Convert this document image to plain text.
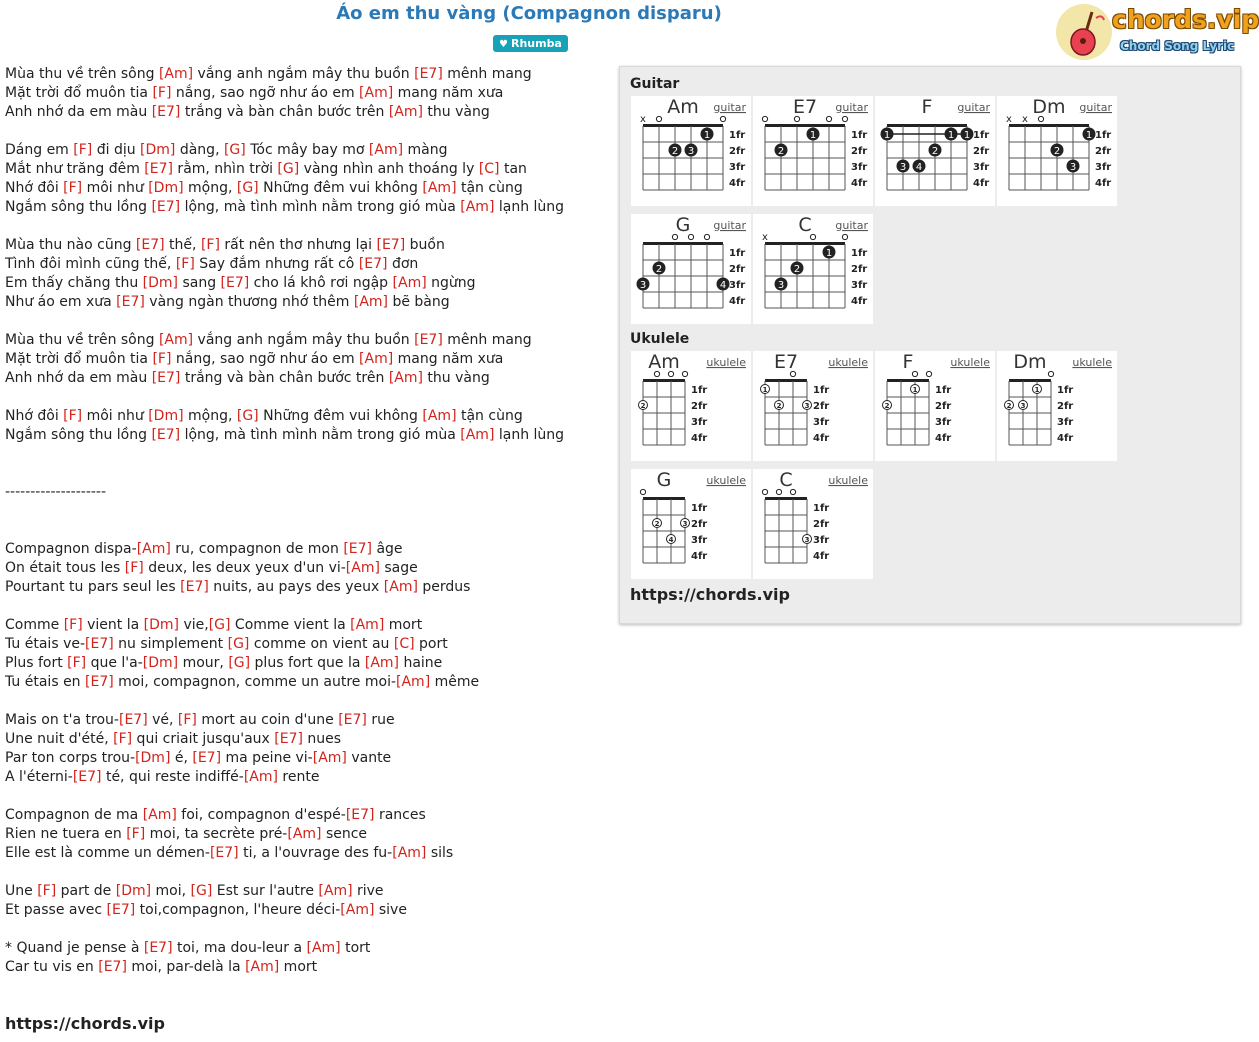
Áo em thu vàng (Compagnon disparu)
♥ Rhumba
chords.vip
Chord Song Lyric
Mùa thu về trên sông [Am] vắng anh ngắm mây thu buồn [E7] mênh mang
Mặt trời đổ muôn tia [F] nắng, sao ngỡ như áo em [Am] mang năm xưa
Anh nhớ da em màu [E7] trắng và bàn chân bước trên [Am] thu vàng
Dáng em [F] đi dịu [Dm] dàng, [G] Tóc mây bay mơ [Am] màng
Mắt như trăng đêm [E7] rằm, nhìn trời [G] vàng nhìn anh thoáng ly [C] tan
Nhớ đôi [F] môi như [Dm] mộng, [G] Những đêm vui không [Am] tận cùng
Ngắm sông thu lồng [E7] lộng, mà tình mình nằm trong gió mùa [Am] lạnh lùng
Mùa thu nào cũng [E7] thế, [F] rất nên thơ nhưng lại [E7] buồn
Tình đôi mình cũng thế, [F] Say đắm nhưng rất cô [E7] đơn
Em thấy chăng thu [Dm] sang [E7] cho lá khô rơi ngập [Am] ngừng
Như áo em xưa [E7] vàng ngàn thương nhớ thêm [Am] bẽ bàng
Mùa thu về trên sông [Am] vắng anh ngắm mây thu buồn [E7] mênh mang
Mặt trời đổ muôn tia [F] nắng, sao ngỡ như áo em [Am] mang năm xưa
Anh nhớ da em màu [E7] trắng và bàn chân bước trên [Am] thu vàng
Nhớ đôi [F] môi như [Dm] mộng, [G] Những đêm vui không [Am] tận cùng
Ngắm sông thu lồng [E7] lộng, mà tình mình nằm trong gió mùa [Am] lạnh lùng
--------------------
Compagnon dispa-[Am] ru, compagnon de mon [E7] âge
On était tous les [F] deux, les deux yeux d'un vi-[Am] sage
Pourtant tu pars seul les [E7] nuits, au pays des yeux [Am] perdus
Comme [F] vient la [Dm] vie,[G] Comme vient la [Am] mort
Tu étais ve-[E7] nu simplement [G] comme on vient au [C] port
Plus fort [F] que l'a-[Dm] mour, [G] plus fort que la [Am] haine
Tu étais en [E7] moi, compagnon, comme un autre moi-[Am] même
Mais on t'a trou-[E7] vé, [F] mort au coin d'une [E7] rue
Une nuit d'été, [F] qui criait jusqu'aux [E7] nues
Par ton corps trou-[Dm] é, [E7] ma peine vi-[Am] vante
A l'éterni-[E7] té, qui reste indiffé-[Am] rente
Compagnon de ma [Am] foi, compagnon d'espé-[E7] rances
Rien ne tuera en [F] moi, ta secrète pré-[Am] sence
Elle est là comme un démen-[E7] ti, a l'ouvrage des fu-[Am] sils
Une [F] part de [Dm] moi, [G] Est sur l'autre [Am] rive
Et passe avec [E7] toi,compagnon, l'heure déci-[Am] sive
* Quand je pense à [E7] toi, ma dou-leur a [Am] tort
Car tu vis en [E7] moi, par-delà la [Am] mort
https://chords.vip
Guitar
Am guitar
1fr
2fr
3fr
4fr
x
2 3
1
E7 guitar
1fr
2fr
3fr
4fr
2
1
F guitar
1fr
2fr
3fr
4fr
1
3 4
2
1 1
Dm guitar
1fr
2fr
3fr
4fr
x x
2
3
1
G guitar
1fr
2fr
3fr
4fr
3
2
4
C guitar
1fr
2fr
3fr
4fr
x
3
2
1
Ukulele
Am ukulele
1fr
2fr
3fr
4fr
2
E7	ukulele
1fr
2fr
3fr
4fr
1
2	3
F	ukulele
1fr
2fr
3fr
4fr
2
1
Dm ukulele
1fr
2fr
3fr
4fr
2 3
1
G	ukulele
1fr
2fr
3fr
4fr
2
4
3
C	ukulele
1fr
2fr
3fr
4fr
3
https://chords.vip
